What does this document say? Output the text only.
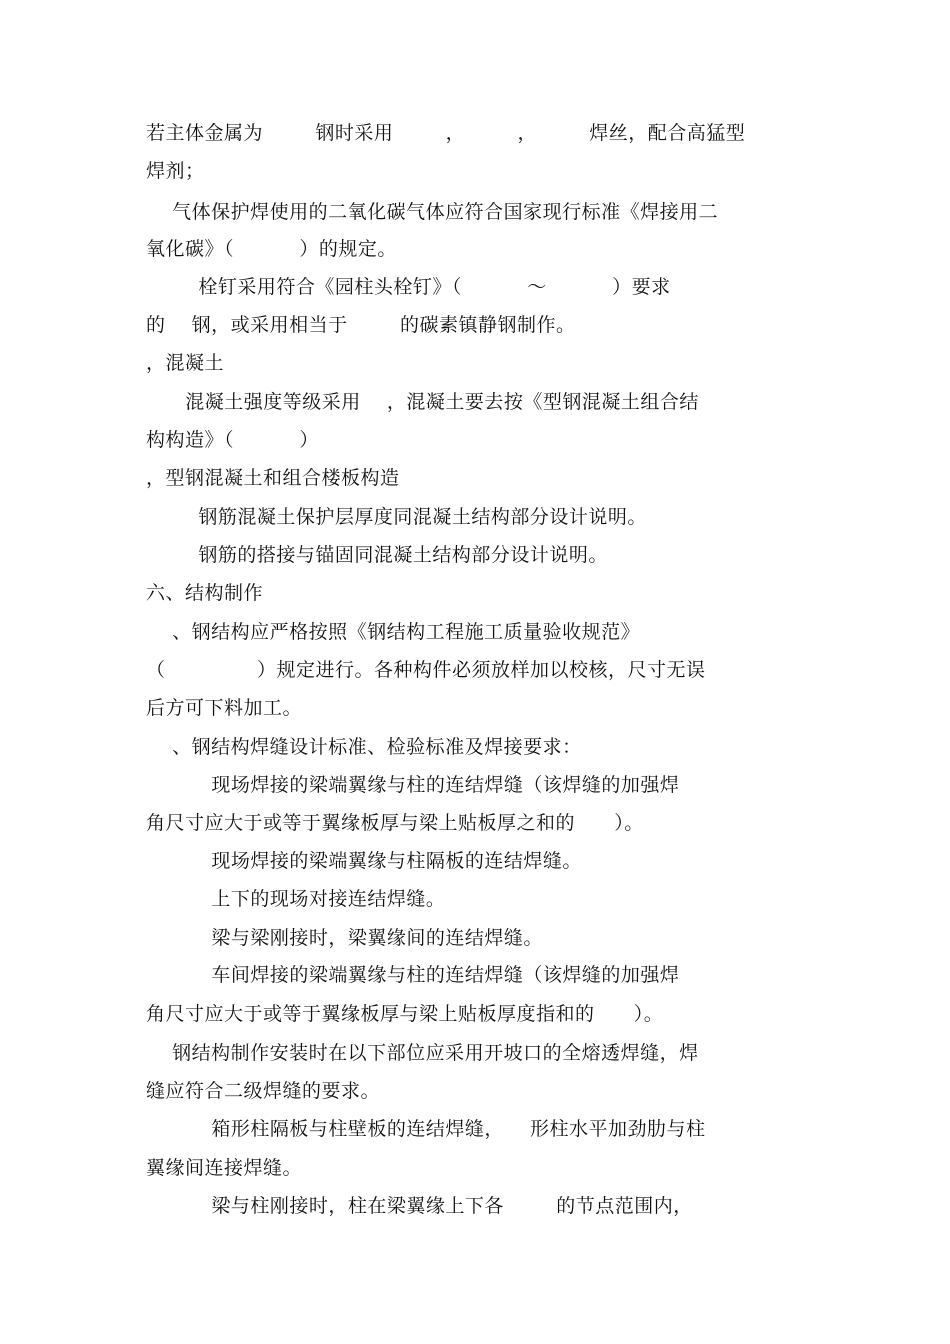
若主体金属为        钢时采用        ，        ，        焊丝，配合高猛型
焊剂；
气体保护焊使用的二氧化碳气体应符合国家现行标准《焊接用二
氧化碳》（          ）的规定。
栓钉采用符合《园柱头栓钉》（          ～          ）要求
的    钢，或采用相当于        的碳素镇静钢制作。
，混凝土
混凝土强度等级采用    ，混凝土要去按《型钢混凝土组合结
构构造》（          ）
，型钢混凝土和组合楼板构造
钢筋混凝土保护层厚度同混凝土结构部分设计说明。
钢筋的搭接与锚固同混凝土结构部分设计说明。
六、结构制作
、钢结构应严格按照《钢结构工程施工质量验收规范》
（              ）规定进行。各种构件必须放样加以校核，尺寸无误
后方可下料加工。
、钢结构焊缝设计标准、检验标准及焊接要求：
现场焊接的梁端翼缘与柱的连结焊缝（该焊缝的加强焊
角尺寸应大于或等于翼缘板厚与梁上贴板厚之和的      ）。
现场焊接的梁端翼缘与柱隔板的连结焊缝。
上下的现场对接连结焊缝。
梁与梁刚接时，梁翼缘间的连结焊缝。
车间焊接的梁端翼缘与柱的连结焊缝（该焊缝的加强焊
角尺寸应大于或等于翼缘板厚与梁上贴板厚度指和的      ）。
钢结构制作安装时在以下部位应采用开坡口的全熔透焊缝，焊
缝应符合二级焊缝的要求。
箱形柱隔板与柱壁板的连结焊缝，    形柱水平加劲肋与柱
翼缘间连接焊缝。
梁与柱刚接时，柱在梁翼缘上下各        的节点范围内，
